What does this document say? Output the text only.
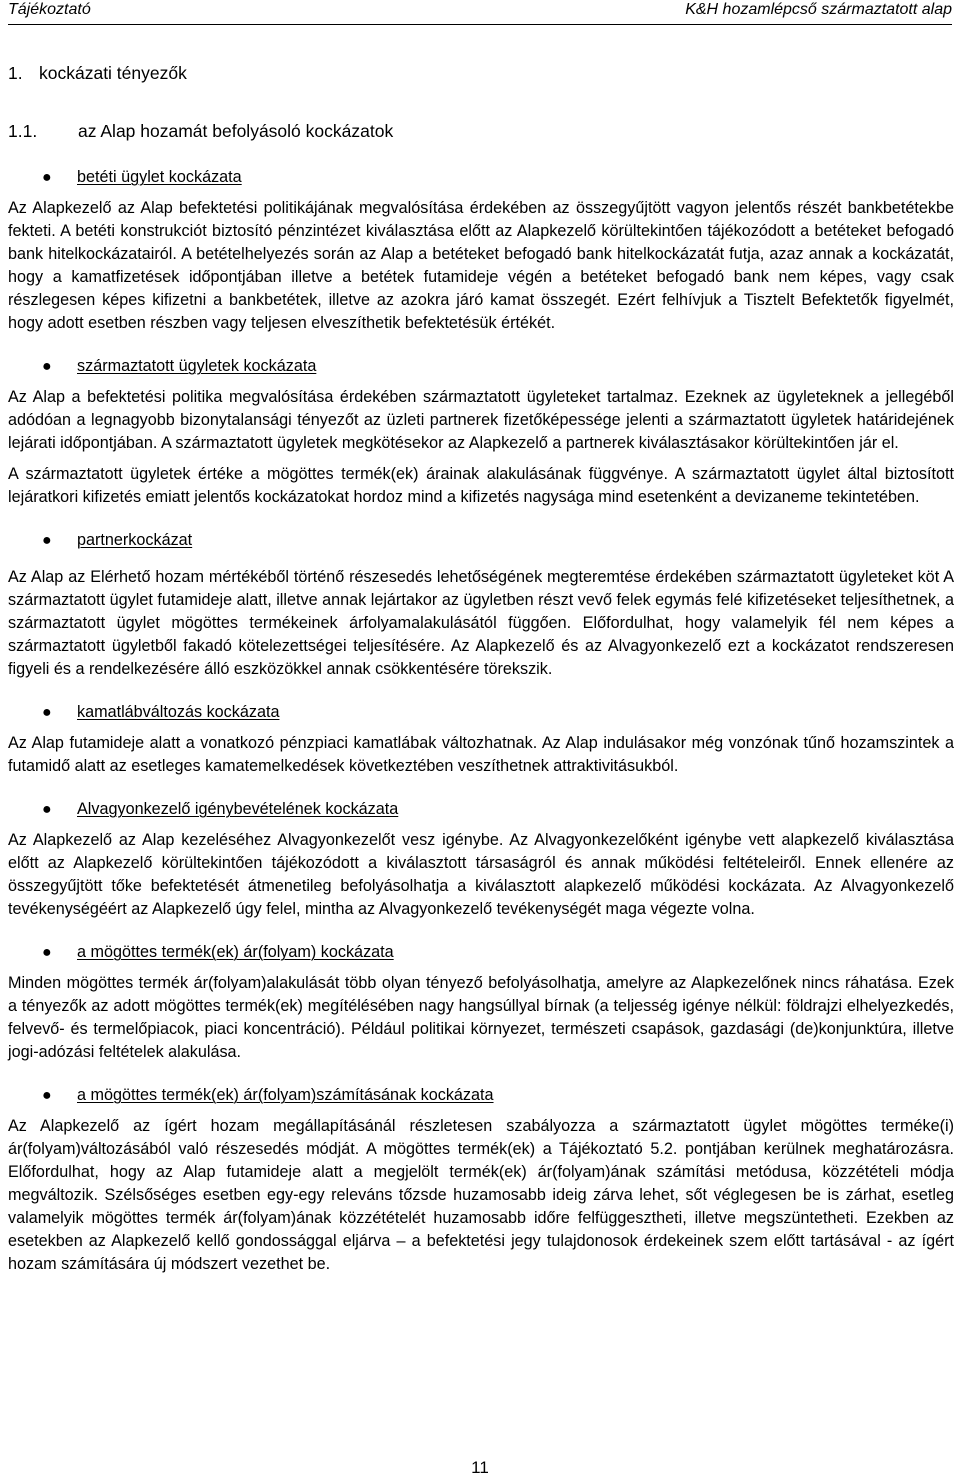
Tájékoztató	K&H hozamlépcső származtatott alap
1. kockázati tényezők
1.1. az Alap hozamát befolyásoló kockázatok
● betéti ügylet kockázata

Az Alapkezelő az Alap befektetési politikájának megvalósítása érdekében az összegyűjtött vagyon jelentős részét bankbetétekbe fekteti. A betéti konstrukciót biztosító pénzintézet kiválasztása előtt az Alapkezelő körültekintően tájékozódott a betéteket befogadó bank hitelkockázatairól. A betételhelyezés során az Alap a betéteket befogadó bank hitelkockázatát futja, azaz annak a kockázatát, hogy a kamatfizetések időpontjában illetve a betétek futamideje végén a betéteket befogadó bank nem képes, vagy csak részlegesen képes kifizetni a bankbetétek, illetve az azokra járó kamat összegét. Ezért felhívjuk a Tisztelt Befektetők figyelmét, hogy adott esetben részben vagy teljesen elveszíthetik befektetésük értékét.

● származtatott ügyletek kockázata

Az Alap a befektetési politika megvalósítása érdekében származtatott ügyleteket tartalmaz. Ezeknek az ügyleteknek a jellegéből adódóan a legnagyobb bizonytalansági tényezőt az üzleti partnerek fizetőképessége jelenti a származtatott ügyletek határidejének lejárati időpontjában. A származtatott ügyletek megkötésekor az Alapkezelő a partnerek kiválasztásakor körültekintően jár el.

A származtatott ügyletek értéke a mögöttes termék(ek) árainak alakulásának függvénye. A származtatott ügylet által biztosított lejáratkori kifizetés emiatt jelentős kockázatokat hordoz mind a kifizetés nagysága mind esetenként a devizaneme tekintetében.

● partnerkockázat

Az Alap az Elérhető hozam mértékéből történő részesedés lehetőségének megteremtése érdekében származtatott ügyleteket köt A származtatott ügylet futamideje alatt, illetve annak lejártakor az ügyletben részt vevő felek egymás felé kifizetéseket teljesíthetnek, a származtatott ügylet mögöttes termékeinek árfolyamalakulásától függően. Előfordulhat, hogy valamelyik fél nem képes a származtatott ügyletből fakadó kötelezettségei teljesítésére. Az Alapkezelő és az Alvagyonkezelő ezt a kockázatot rendszeresen figyeli és a rendelkezésére álló eszközökkel annak csökkentésére törekszik.

● kamatlábváltozás kockázata

Az Alap futamideje alatt a vonatkozó pénzpiaci kamatlábak változhatnak. Az Alap indulásakor még vonzónak tűnő hozamszintek a futamidő alatt az esetleges kamatemelkedések következtében veszíthetnek attraktivitásukból.

● Alvagyonkezelő igénybevételének kockázata

Az Alapkezelő az Alap kezeléséhez Alvagyonkezelőt vesz igénybe. Az Alvagyonkezelőként igénybe vett alapkezelő kiválasztása előtt az Alapkezelő körültekintően tájékozódott a kiválasztott társaságról és annak működési feltételeiről. Ennek ellenére az összegyűjtött tőke befektetését átmenetileg befolyásolhatja a kiválasztott alapkezelő működési kockázata. Az Alvagyonkezelő tevékenységéért az Alapkezelő úgy felel, mintha az Alvagyonkezelő tevékenységét maga végezte volna.

● a mögöttes termék(ek) ár(folyam) kockázata

Minden mögöttes termék ár(folyam)alakulását több olyan tényező befolyásolhatja, amelyre az Alapkezelőnek nincs ráhatása. Ezek a tényezők az adott mögöttes termék(ek) megítélésében nagy hangsúllyal bírnak (a teljesség igénye nélkül: földrajzi elhelyezkedés, felvevő- és termelőpiacok, piaci koncentráció). Például politikai környezet, természeti csapások, gazdasági (de)konjunktúra, illetve jogi-adózási feltételek alakulása.

● a mögöttes termék(ek) ár(folyam)számításának kockázata

Az Alapkezelő az ígért hozam megállapításánál részletesen szabályozza a származtatott ügylet mögöttes terméke(i) ár(folyam)változásából való részesedés módját. A mögöttes termék(ek) a Tájékoztató 5.2. pontjában kerülnek meghatározásra. Előfordulhat, hogy az Alap futamideje alatt a megjelölt termék(ek) ár(folyam)ának számítási metódusa, közzétételi módja megváltozik. Szélsőséges esetben egy-egy releváns tőzsde huzamosabb ideig zárva lehet, sőt véglegesen be is zárhat, esetleg valamelyik mögöttes termék ár(folyam)ának közzétételét huzamosabb időre felfüggesztheti, illetve megszüntetheti. Ezekben az esetekben az Alapkezelő kellő gondossággal eljárva – a befektetési jegy tulajdonosok érdekeinek szem előtt tartásával - az ígért hozam számítására új módszert vezethet be.

11
